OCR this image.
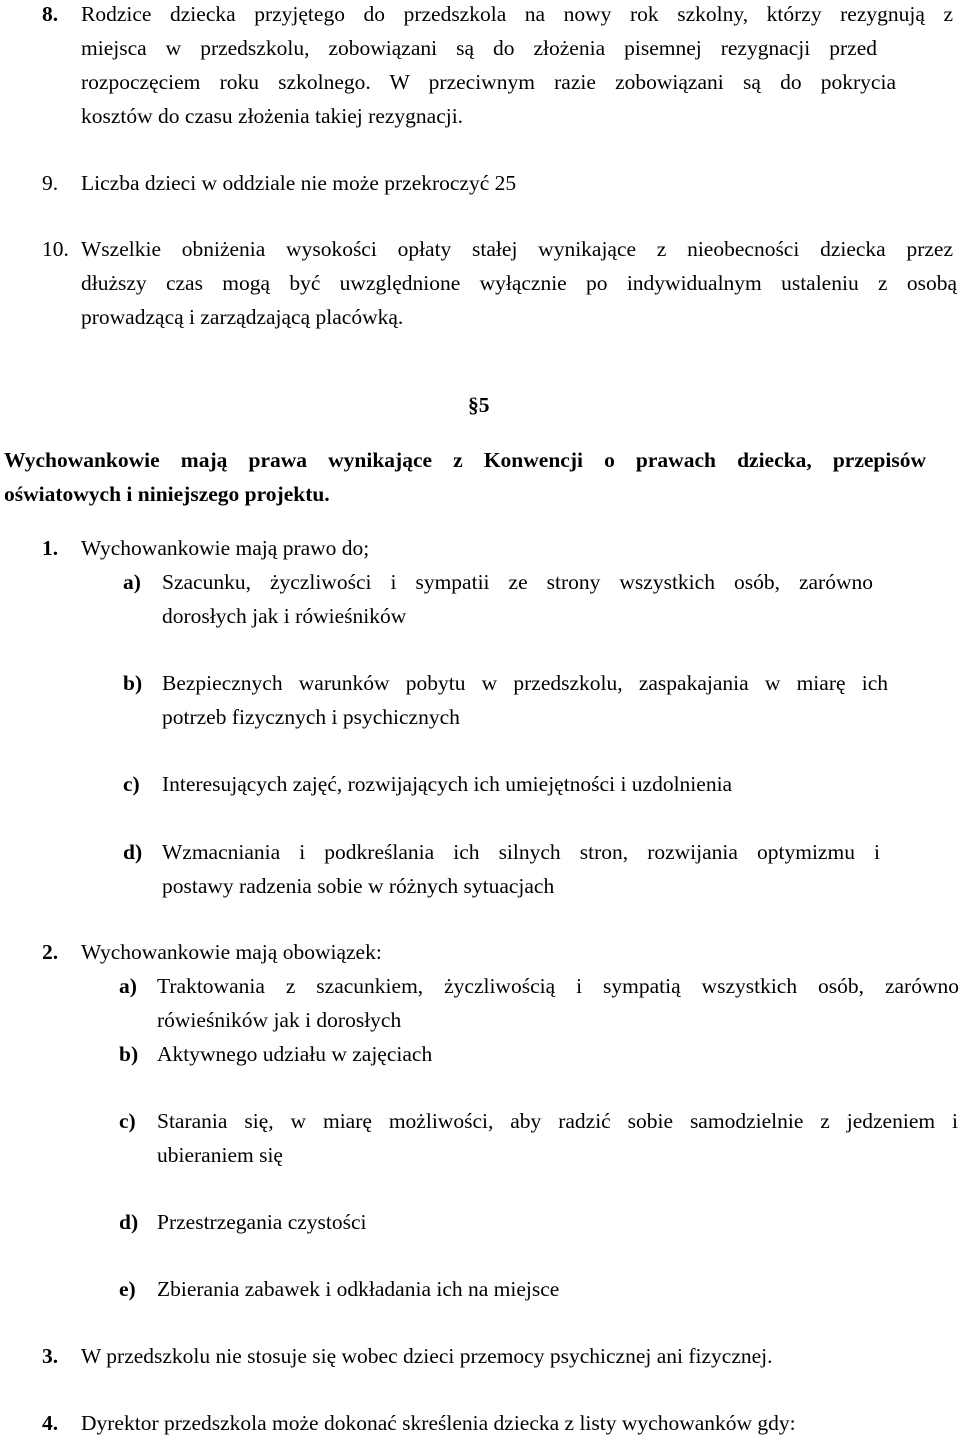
8. Rodzice dziecka przyjętego do przedszkola na nowy rok szkolny, którzy rezygnują z
miejsca w przedszkolu, zobowiązani są do złożenia pisemnej rezygnacji przed
rozpoczęciem roku szkolnego. W przeciwnym razie zobowiązani są do pokrycia
kosztów do czasu złożenia takiej rezygnacji.
9. Liczba dzieci w oddziale nie może przekroczyć 25
10. Wszelkie obniżenia wysokości opłaty stałej wynikające z nieobecności dziecka przez
dłuższy czas mogą być uwzględnione wyłącznie po indywidualnym ustaleniu z osobą
prowadzącą i zarządzającą placówką.
§5
Wychowankowie mają prawa wynikające z Konwencji o prawach dziecka, przepisów
oświatowych i niniejszego projektu.
1. Wychowankowie mają prawo do;
a) Szacunku, życzliwości i sympatii ze strony wszystkich osób, zarówno
dorosłych jak i rówieśników
b) Bezpiecznych warunków pobytu w przedszkolu, zaspakajania w miarę ich
potrzeb fizycznych i psychicznych
c) Interesujących zajęć, rozwijających ich umiejętności i uzdolnienia
d) Wzmacniania i podkreślania ich silnych stron, rozwijania optymizmu i
postawy radzenia sobie w różnych sytuacjach
2. Wychowankowie mają obowiązek:
a) Traktowania z szacunkiem, życzliwością i sympatią wszystkich osób, zarówno
rówieśników jak i dorosłych
b) Aktywnego udziału w zajęciach
c) Starania się, w miarę możliwości, aby radzić sobie samodzielnie z jedzeniem i
ubieraniem się
d) Przestrzegania czystości
e) Zbierania zabawek i odkładania ich na miejsce
3. W przedszkolu nie stosuje się wobec dzieci przemocy psychicznej ani fizycznej.
4. Dyrektor przedszkola może dokonać skreślenia dziecka z listy wychowanków gdy:
